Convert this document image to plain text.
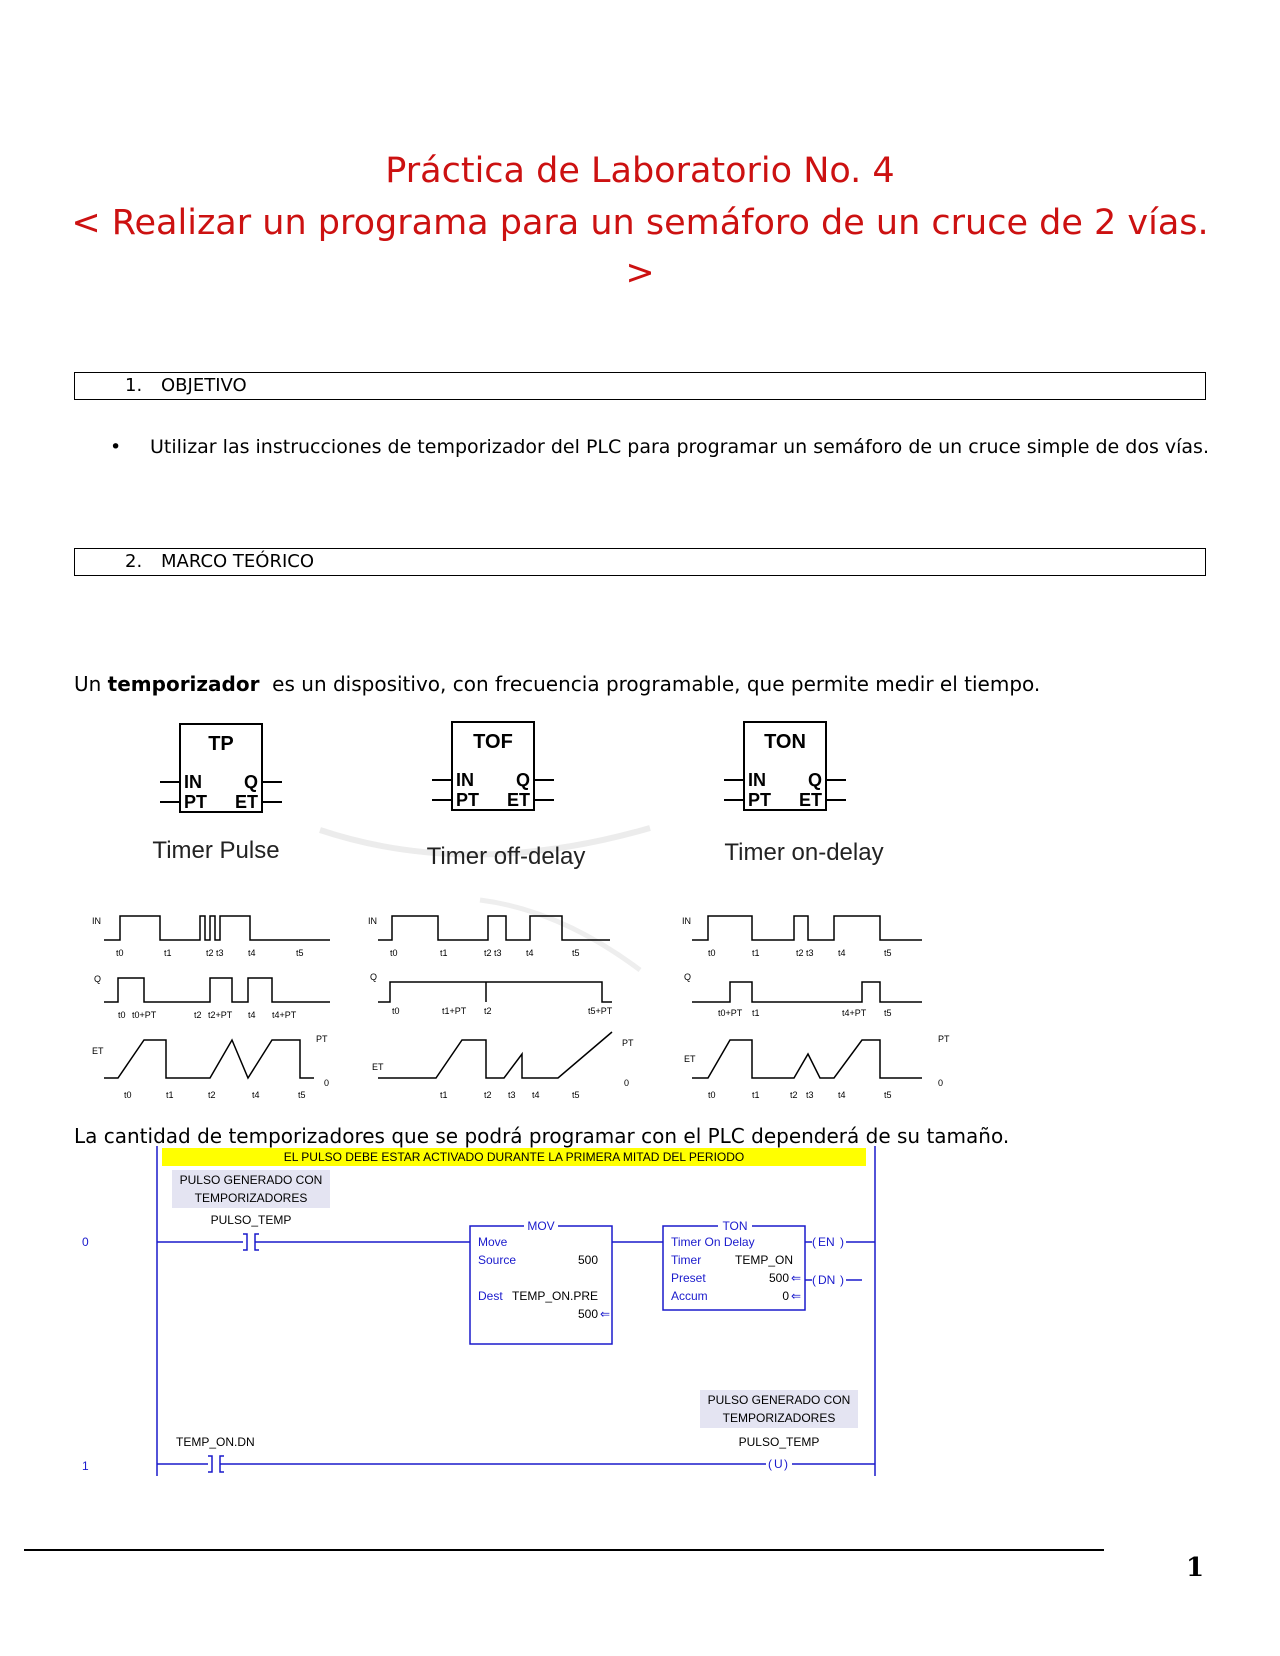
Práctica de Laboratorio No. 4
< Realizar un programa para un semáforo de un cruce de 2 vías.
>
1. OBJETIVO
• Utilizar las instrucciones de temporizador del PLC para programar un semáforo de un cruce simple de dos vías.
2. MARCO TEÓRICO
Un temporizador  es un dispositivo, con frecuencia programable, que permite medir el tiempo.
TP
IN
PT
Q
ET
Timer Pulse
TOF
IN
PT
Q
ET
Timer off-delay
TON
IN
PT
Q
ET
Timer on-delay
IN
t0	t1	t2 t3	t4	t5
Q
t0 t0+PT	t2 t2+PT t4 t4+PT
ET
PT
0
t0	t1	t2	t4	t5
IN
t0	t1	t2 t3	t4	t5
Q
t0	t1+PT t2	t5+PT
ET
PT
0
t1	t2 t3 t4	t5
IN
t0	t1	t2 t3	t4	t5
Q
t0+PT t1	t4+PT t5
ET
PT
0
t0	t1	t2 t3	t4	t5
La cantidad de temporizadores que se podrá programar con el PLC dependerá de su tamaño.
EL PULSO DEBE ESTAR ACTIVADO DURANTE LA PRIMERA MITAD DEL PERIODO
PULSO GENERADO CON
TEMPORIZADORES
0
PULSO_TEMP	MOV
Move
Source	500
Dest TEMP_ON.PRE
500 ⇐
TON
Timer On Delay
Timer	TEMP_ON
Preset	500 ⇐
Accum	0 ⇐
( EN )
( DN )
PULSO GENERADO CON
TEMPORIZADORES
1
TEMP_ON.DN	PULSO_TEMP
( U )
1
